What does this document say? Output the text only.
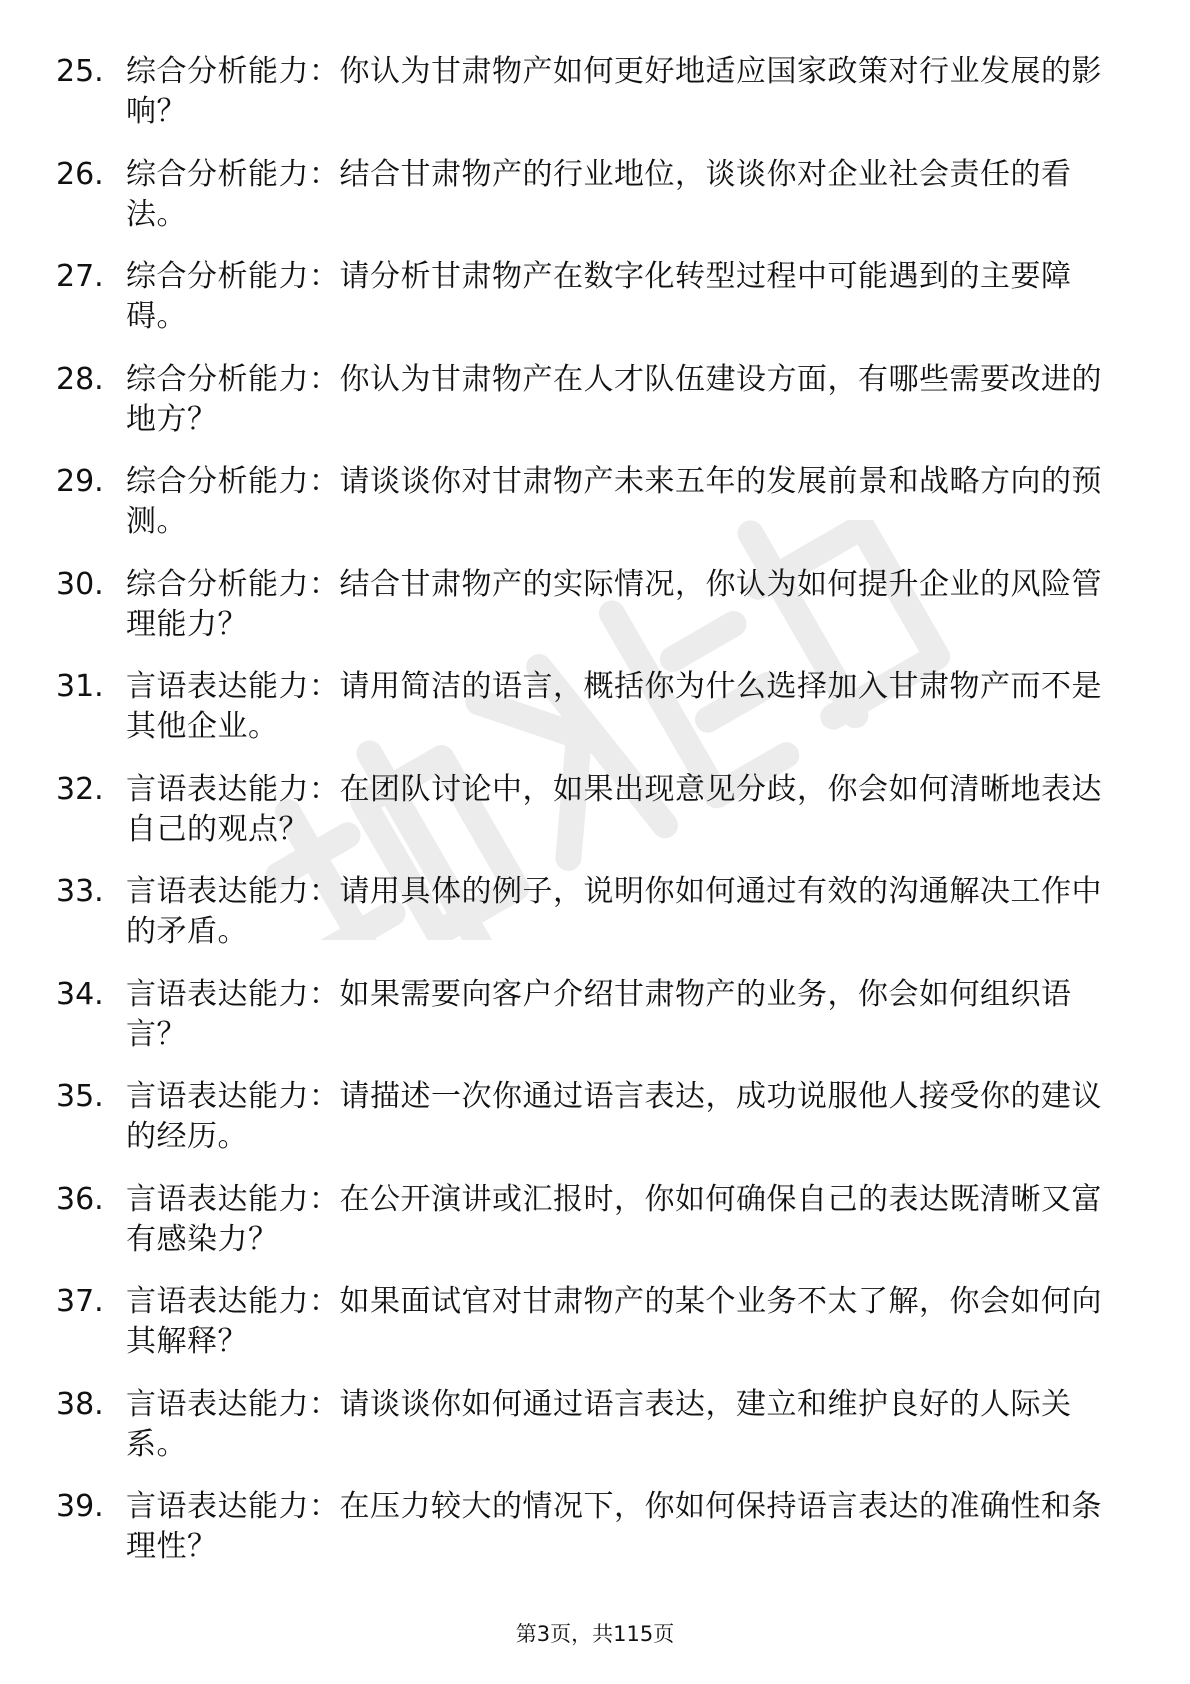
25. 综合分析能力：你认为甘肃物产如何更好地适应国家政策对行业发展的影响？
26. 综合分析能力：结合甘肃物产的行业地位，谈谈你对企业社会责任的看法。
27. 综合分析能力：请分析甘肃物产在数字化转型过程中可能遇到的主要障碍。
28. 综合分析能力：你认为甘肃物产在人才队伍建设方面，有哪些需要改进的地方？
29. 综合分析能力：请谈谈你对甘肃物产未来五年的发展前景和战略方向的预测。
30. 综合分析能力：结合甘肃物产的实际情况，你认为如何提升企业的风险管理能力？
31. 言语表达能力：请用简洁的语言，概括你为什么选择加入甘肃物产而不是其他企业。
32. 言语表达能力：在团队讨论中，如果出现意见分歧，你会如何清晰地表达自己的观点？
33. 言语表达能力：请用具体的例子，说明你如何通过有效的沟通解决工作中的矛盾。
34. 言语表达能力：如果需要向客户介绍甘肃物产的业务，你会如何组织语言？
35. 言语表达能力：请描述一次你通过语言表达，成功说服他人接受你的建议的经历。
36. 言语表达能力：在公开演讲或汇报时，你如何确保自己的表达既清晰又富有感染力？
37. 言语表达能力：如果面试官对甘肃物产的某个业务不太了解，你会如何向其解释？
38. 言语表达能力：请谈谈你如何通过语言表达，建立和维护良好的人际关系。
39. 言语表达能力：在压力较大的情况下，你如何保持语言表达的准确性和条理性？
第3页，共115页
